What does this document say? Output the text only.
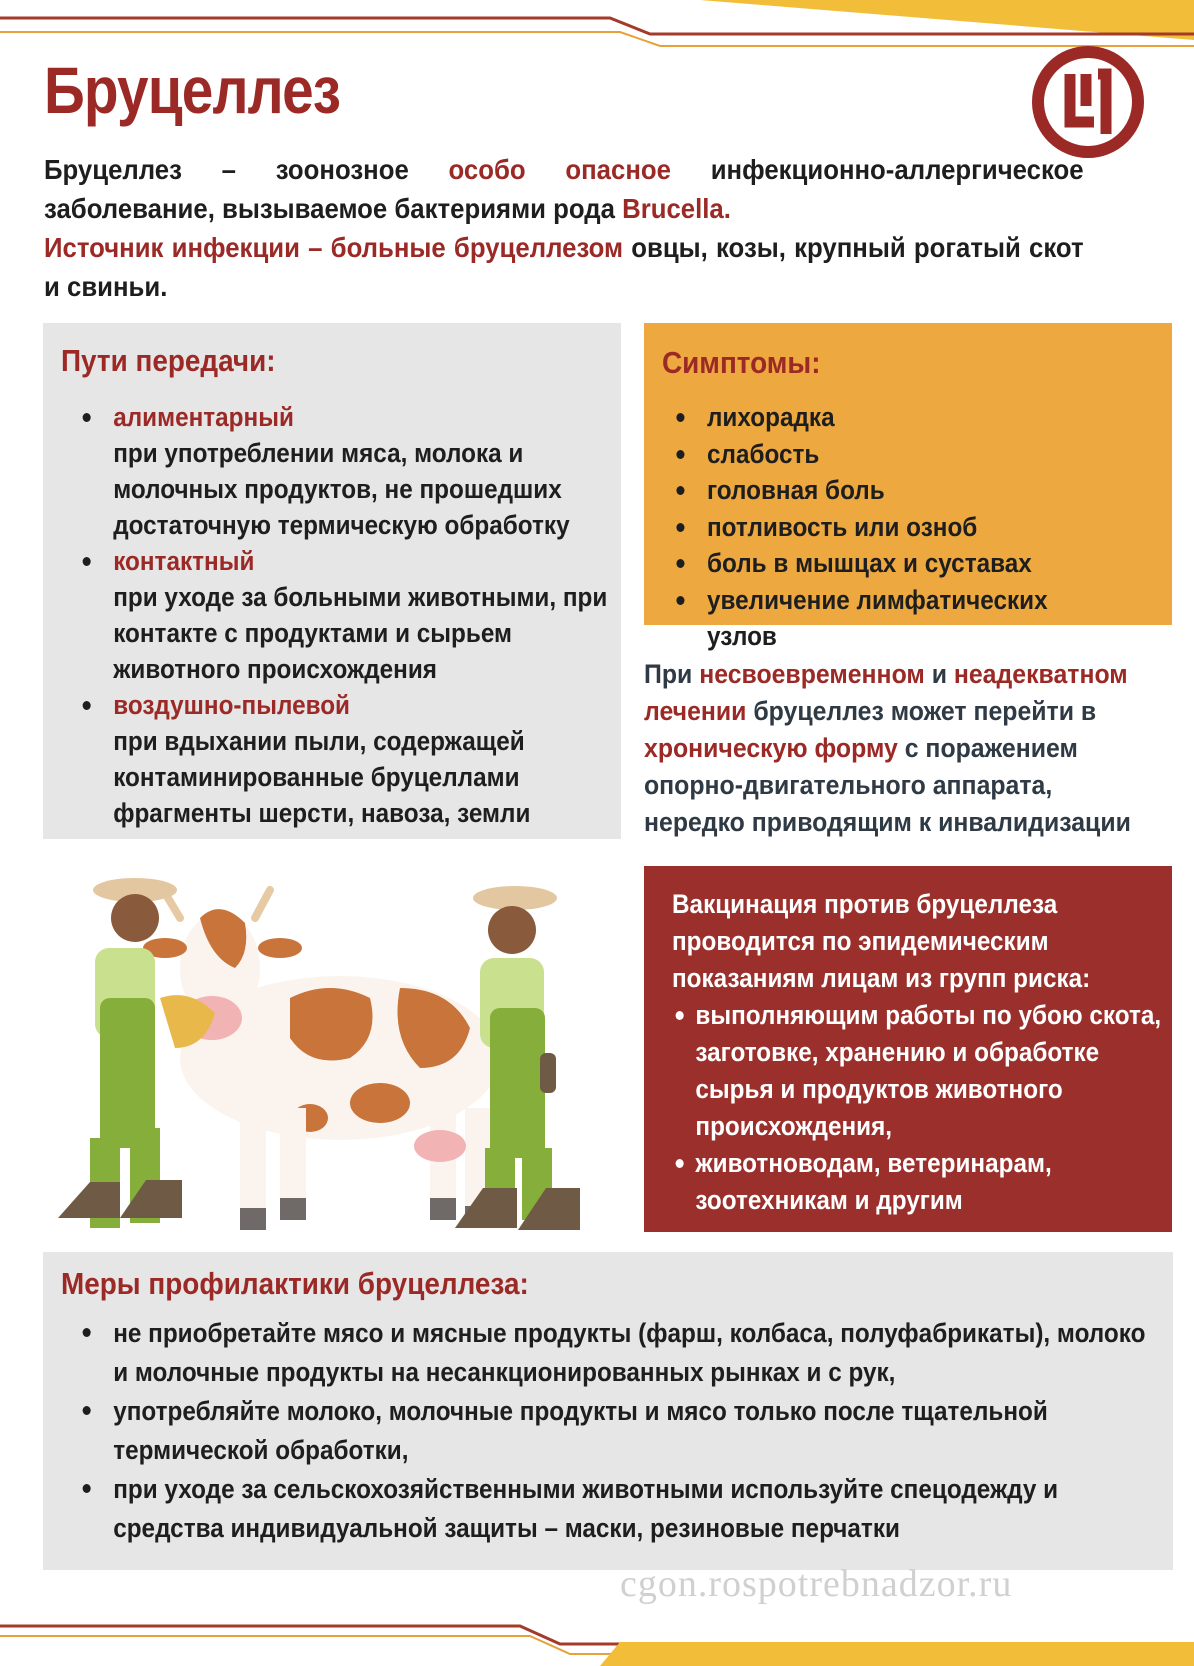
Бруцеллез

Бруцеллез – зоонозное особо опасное инфекционно-аллергическое заболевание, вызываемое бактериями рода Brucella.
Источник инфекции – больные бруцеллезом овцы, козы, крупный рогатый скот и свиньи.

Пути передачи:
алиментарный
при употреблении мяса, молока и молочных продуктов, не прошедших достаточную термическую обработку
контактный
при уходе за больными животными, при контакте с продуктами и сырьем животного происхождения
воздушно-пылевой
при вдыхании пыли, содержащей контаминированные бруцеллами фрагменты шерсти, навоза, земли
Симптомы:
лихорадка
слабость
головная боль
потливость или озноб
боль в мышцах и суставах
увеличение лимфатических узлов

При несвоевременном и неадекватном лечении бруцеллез может перейти в хроническую форму с поражением опорно-двигательного аппарата, нередко приводящим к инвалидизации

Вакцинация против бруцеллеза проводится по эпидемическим показаниям лицам из групп риска:

выполняющим работы по убою скота, заготовке, хранению и обработке сырья и продуктов животного происхождения,
животноводам, ветеринарам, зоотехникам и другим
Меры профилактики бруцеллеза:
не приобретайте мясо и мясные продукты (фарш, колбаса, полуфабрикаты), молоко и молочные продукты на несанкционированных рынках и с рук,
употребляйте молоко, молочные продукты и мясо только после тщательной термической обработки,
при уходе за сельскохозяйственными животными используйте спецодежду и средства индивидуальной защиты – маски, резиновые перчатки
cgon.rospotrebnadzor.ru
